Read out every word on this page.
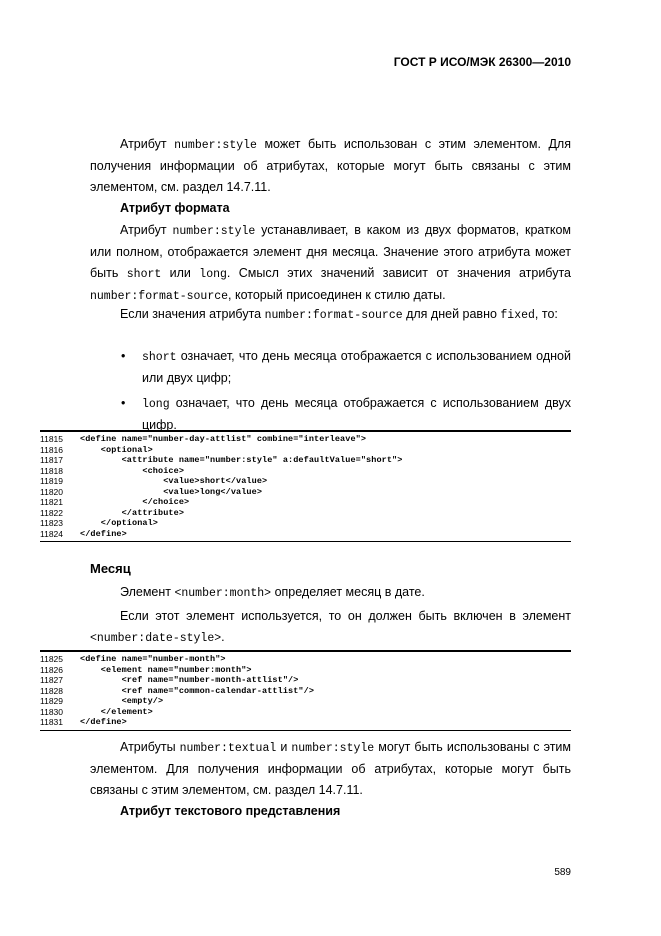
ГОСТ Р ИСО/МЭК 26300—2010

Атрибут number:style может быть использован с этим элементом. Для получения информации об атрибутах, которые могут быть связаны с этим элементом, см. раздел 14.7.11.

Атрибут формата

Атрибут number:style устанавливает, в каком из двух форматов, кратком или полном, отображается элемент дня месяца. Значение этого атрибута может быть short или long. Смысл этих значений зависит от значения атрибута number:format-source, который присоединен к стилю даты.

Если значения атрибута number:format-source для дней равно fixed, то:

• short означает, что день месяца отображается с использованием одной или двух цифр;
• long означает, что день месяца отображается с использованием двух цифр.
11815	<define name="number-day-attlist" combine="interleave">
11816	<optional>
11817	<attribute name="number:style" a:defaultValue="short">
11818	<choice>
11819	<value>short</value>
11820	<value>long</value>
11821	</choice>
11822	</attribute>
11823	</optional>
11824	</define>

Месяц

Элемент <number:month> определяет месяц в дате.

Если этот элемент используется, то он должен быть включен в элемент <number:date-style>.

11825	<define name="number-month">
11826	<element name="number:month">
11827	<ref name="number-month-attlist"/>
11828	<ref name="common-calendar-attlist"/>
11829	<empty/>
11830	</element>
11831	</define>

Атрибуты number:textual и number:style могут быть использованы с этим элементом. Для получения информации об атрибутах, которые могут быть связаны с этим элементом, см. раздел 14.7.11.

Атрибут текстового представления

589
